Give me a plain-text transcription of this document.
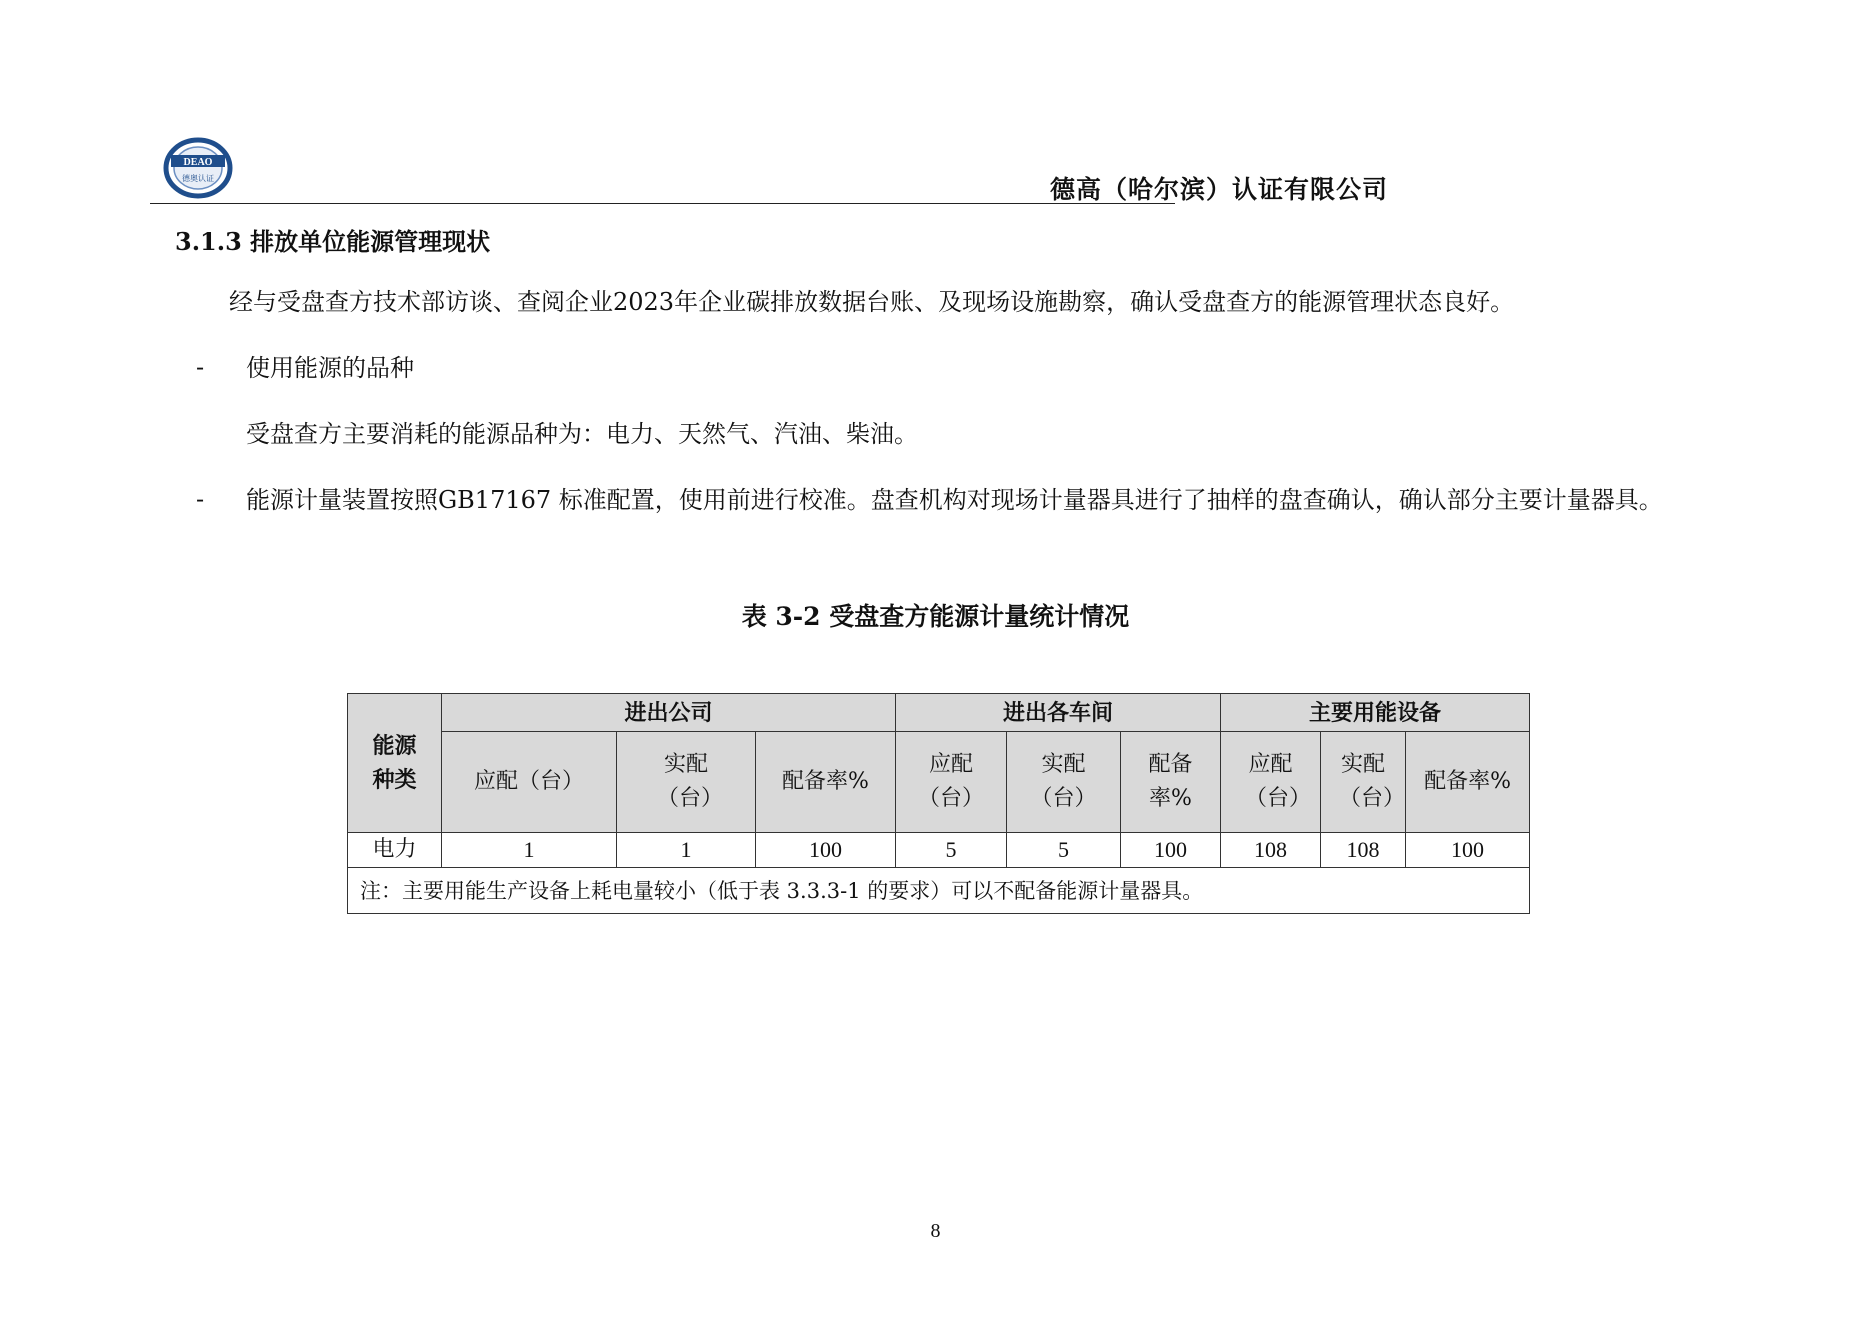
DEAO
德奥认证	德高（哈尔滨）认证有限公司
3.1.3 排放单位能源管理现状
经与受盘查方技术部访谈、查阅企业2023年企业碳排放数据台账、及现场设施勘察，确认受盘查方的能源管理状态良好。
- 使用能源的品种
受盘查方主要消耗的能源品种为：电力、天然气、汽油、柴油。
- 能源计量装置按照GB17167 标准配置，使用前进行校准。盘查机构对现场计量器具进行了抽样的盘查确认，确认部分主要计量器具。
表 3-2 受盘查方能源计量统计情况
能源种类	进出公司			进出各车间			主要用能设备		
	应配（台）	实配（台）	配备率%	应配（台）	实配（台）	配备率%	应配（台）	实配（台）	配备率%
电力	1	1	100	5	5	100	108	108	100
注：主要用能生产设备上耗电量较小（低于表 3.3.3-1 的要求）可以不配备能源计量器具。									
8
